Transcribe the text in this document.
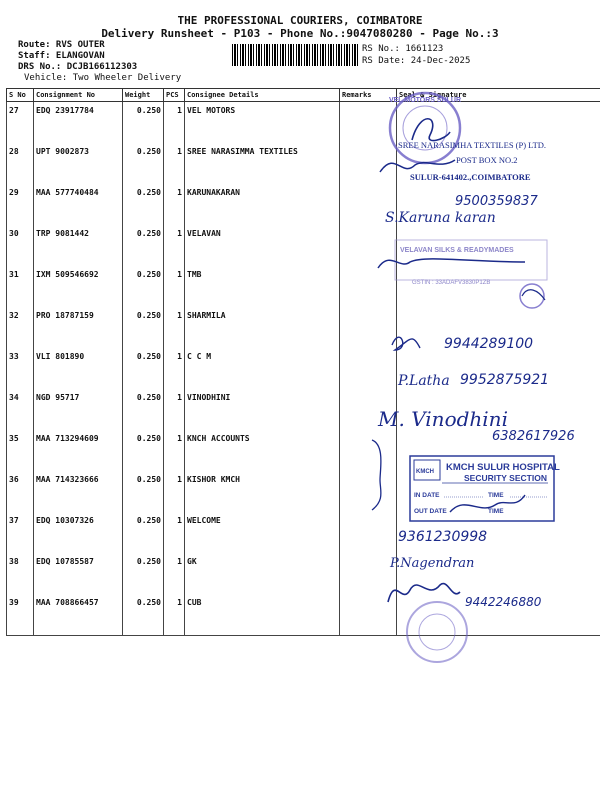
THE PROFESSIONAL COURIERS, COIMBATORE
Delivery Runsheet - P103 - Phone No.:9047080280 - Page No.:3
Route: RVS OUTER
Staff: ELANGOVAN
DRS No.: DCJB166112303
Vehicle: Two Wheeler Delivery
RS No.: 1661123
RS Date: 24-Dec-2025
S No	Consignment No	Weight	PCS	Consignee Details	Remarks	Seal & Signature
27	EDQ 23917784	0.250	1	VEL MOTORS		
28	UPT 9002873	0.250	1	SREE NARASIMMA TEXTILES		
29	MAA 577740484	0.250	1	KARUNAKARAN		
30	TRP 9081442	0.250	1	VELAVAN		
31	IXM 509546692	0.250	1	TMB		
32	PRO 18787159	0.250	1	SHARMILA		
33	VLI 801890	0.250	1	C C M		
34	NGD 95717	0.250	1	VINODHINI		
35	MAA 713294609	0.250	1	KNCH ACCOUNTS		
36	MAA 714323666	0.250	1	KISHOR KMCH		
37	EDQ 10307326	0.250	1	WELCOME		
38	EDQ 10785587	0.250	1	GK		
39	MAA 708866457	0.250	1	CUB		
VEL MOTORS SULUR
SREE NARASIMHA TEXTILES (P) LTD.
POST BOX NO.2
SULUR-641402.,COIMBATORE
9500359837
S.Karuna karan
VELAVAN SILKS & READYMADES
GSTIN : 33ADAFV3830P1ZB
9944289100
P.Latha 9952875921
M. Vinodhini
6382617926
KMCH KMCH SULUR HOSPITAL
SECURITY SECTION
IN DATE	TIME
OUT DATE	TIME
9361230998
P.Nagendran
9442246880
